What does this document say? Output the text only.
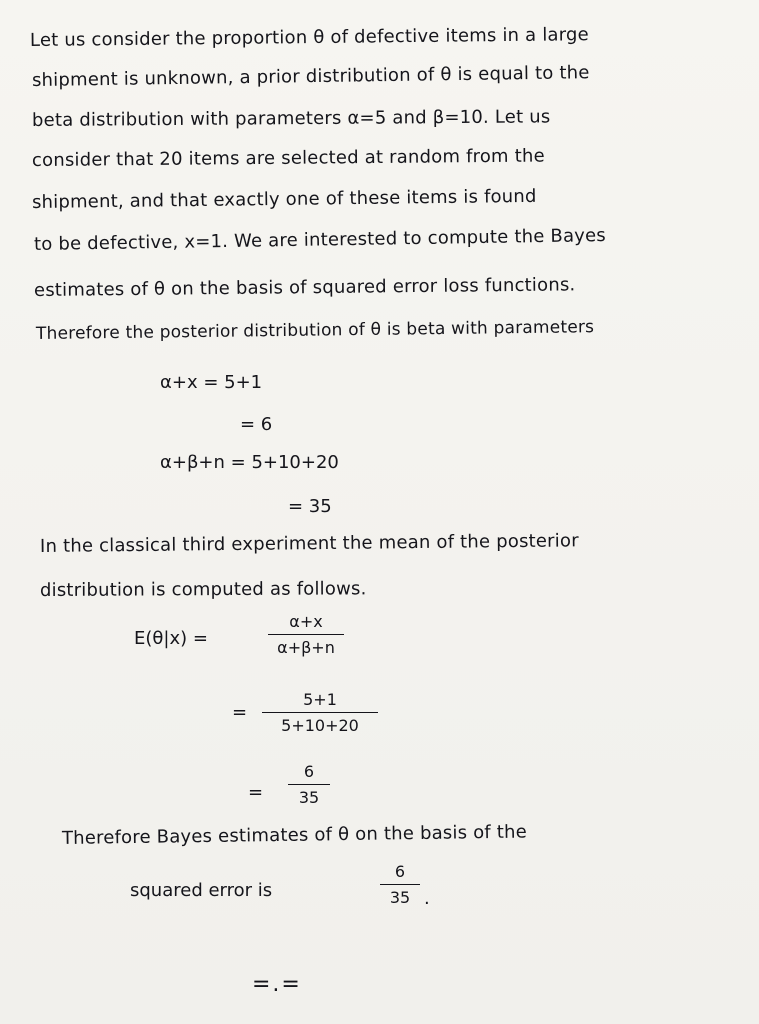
Let us consider the proportion θ of defective items in a large
shipment is unknown, a prior distribution of θ is equal to the
beta distribution with parameters α=5 and β=10. Let us
consider that 20 items are selected at random from the
shipment, and that exactly one of these items is found
to be defective, x=1. We are interested to compute the Bayes
estimates of θ on the basis of squared error loss functions.
Therefore the posterior distribution of θ is beta with parameters
α+x = 5+1
= 6
α+β+n = 5+10+20
= 35
In the classical third experiment the mean of the posterior
distribution is computed as follows.
E(θ|x) =
α+x
α+β+n
=
5+1
5+10+20
=
6
35
Therefore Bayes estimates of θ on the basis of the
squared error is
6
35 .
=.=
